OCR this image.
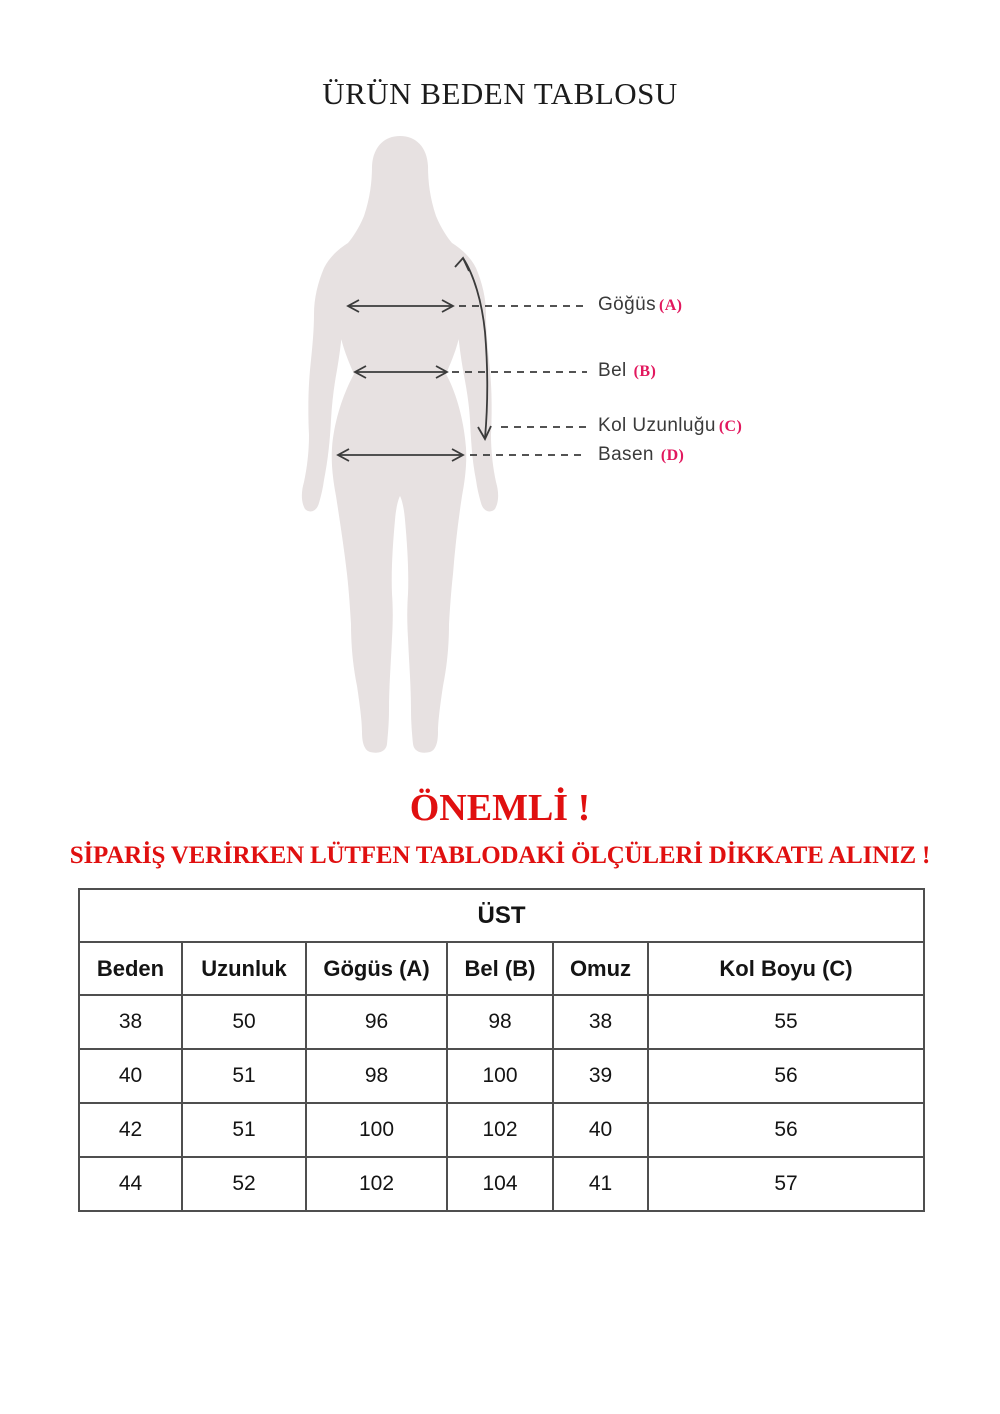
ÜRÜN BEDEN TABLOSU
Göğüs (A)
Bel (B)
Kol Uzunluğu (C)
Basen (D)
ÖNEMLİ !
SİPARİŞ VERİRKEN LÜTFEN TABLODAKİ ÖLÇÜLERİ DİKKATE ALINIZ !
ÜST					
Beden	Uzunluk	Gögüs (A)	Bel (B)	Omuz	Kol Boyu (C)
38	50	96	98	38	55
40	51	98	100	39	56
42	51	100	102	40	56
44	52	102	104	41	57
